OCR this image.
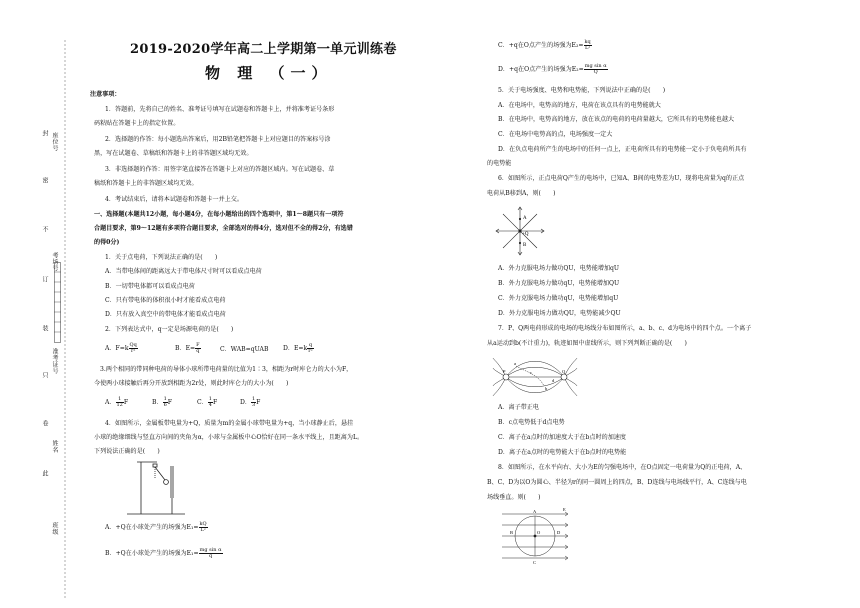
封
密
不
订
装
只
卷
此
座位号
考场号
准考证号
姓名
班级
2019-2020学年高二上学期第一单元训练卷
物 理 （一）
注意事项：
1．答题前，先将自己的姓名、准考证号填写在试题卷和答题卡上，并将准考证号条形
码粘贴在答题卡上的指定位置。
2．选择题的作答：每小题选出答案后，用2B铅笔把答题卡上对应题目的答案标号涂
黑，写在试题卷、草稿纸和答题卡上的非答题区域均无效。
3．非选择题的作答：用签字笔直接答在答题卡上对应的答题区域内。写在试题卷、草
稿纸和答题卡上的非答题区域均无效。
4．考试结束后，请将本试题卷和答题卡一并上交。
一、选择题(本题共12小题，每小题4分，在每小题给出的四个选项中，第1～8题只有一项符
合题目要求，第9～12题有多项符合题目要求，全部选对的得4分，选对但不全的得2分，有选错
的得0分)
1．关于点电荷，下列说法正确的是(　　)
A．当带电体间的距离远大于带电体尺寸时可以看成点电荷
B．一切带电体都可以看成点电荷
C．只有带电体的体积很小时才能看成点电荷
D．只有放入真空中的带电体才能看成点电荷
2．下列表达式中，q一定是场源电荷的是(　　)
A．$F=k \frac{Qq}{\text{r²}}$	B．$E= \frac{F}{q}$	C．WAB=qUAB D．$E=k \frac{q}{\text{r²}}$
3.两个相同的带同种电荷的导体小球所带电荷量的比值为1∶3，相距为r时库仑力的大小为F，
今使两小球接触后再分开放到相距为2r处，则此时库仑力的大小为(　　)
A． $\frac{1}{12}$ F	B． $\frac{1}{6}$ F	C． $\frac{1}{4}$ F	D． $\frac{1}{3}$ F
4．如图所示，金属板带电量为+Q，质量为m的金属小球带电量为+q，当小球静止后，悬挂
小球的绝缘细线与竖直方向间的夹角为α，小球与金属板中心O恰好在同一条水平线上，且距离为L。
下列说法正确的是(　　)
A．+Q在小球处产生的场强为$E_1= \frac{kQ}{\text{L²}}$
B．+Q在小球处产生的场强为$E_1= \frac{\text{mg sin α}}{q}$
C．+q在O点产生的场强为$E_2= \frac{kq}{\text{L²}}$
D．+q在O点产生的场强为$E_2= \frac{\text{mg sin α}}{Q}$
5．关于电场强度、电势和电势能，下列说法中正确的是(　　)
A．在电场中，电势高的地方，电荷在该点具有的电势能就大
B．在电场中，电势高的地方，放在该点的电荷的电荷量越大，它所具有的电势能也越大
C．在电场中电势高的点，电场强度一定大
D．在负点电荷所产生的电场中的任何一点上，正电荷所具有的电势能一定小于负电荷所具有
的电势能
6．如图所示，正点电荷Q产生的电场中，已知A、B间的电势差为U，现将电荷量为q的正点
电荷从B移到A，则(　　)
+Q
A
B
A．外力克服电场力做功QU，电势能增加qU
B．外力克服电场力做功qU，电势能增加QU
C．外力克服电场力做功qU，电势能增加qU
D．外力克服电场力做功QU，电势能减少QU
7．P、Q两电荷形成的电场的电场线分布如图所示，a、b、c、d为电场中的四个点。一个离子
从a运动到b(不计重力)，轨迹如图中虚线所示，则下列判断正确的是(　　)
P	Q
a
b
c
d
A．离子带正电
B．c点电势低于d点电势
C．离子在a点时的加速度大于在b点时的加速度
D．离子在a点时的电势能大于在b点时的电势能
8．如图所示，在水平向右、大小为E的匀强电场中，在O点固定一电荷量为Q的正电荷，A、
B、C、D为以O为圆心、半径为r的同一圆周上的四点，B、D连线与电场线平行，A、C连线与电
场线垂直。则(　　)
A
B
C
D
O
E
